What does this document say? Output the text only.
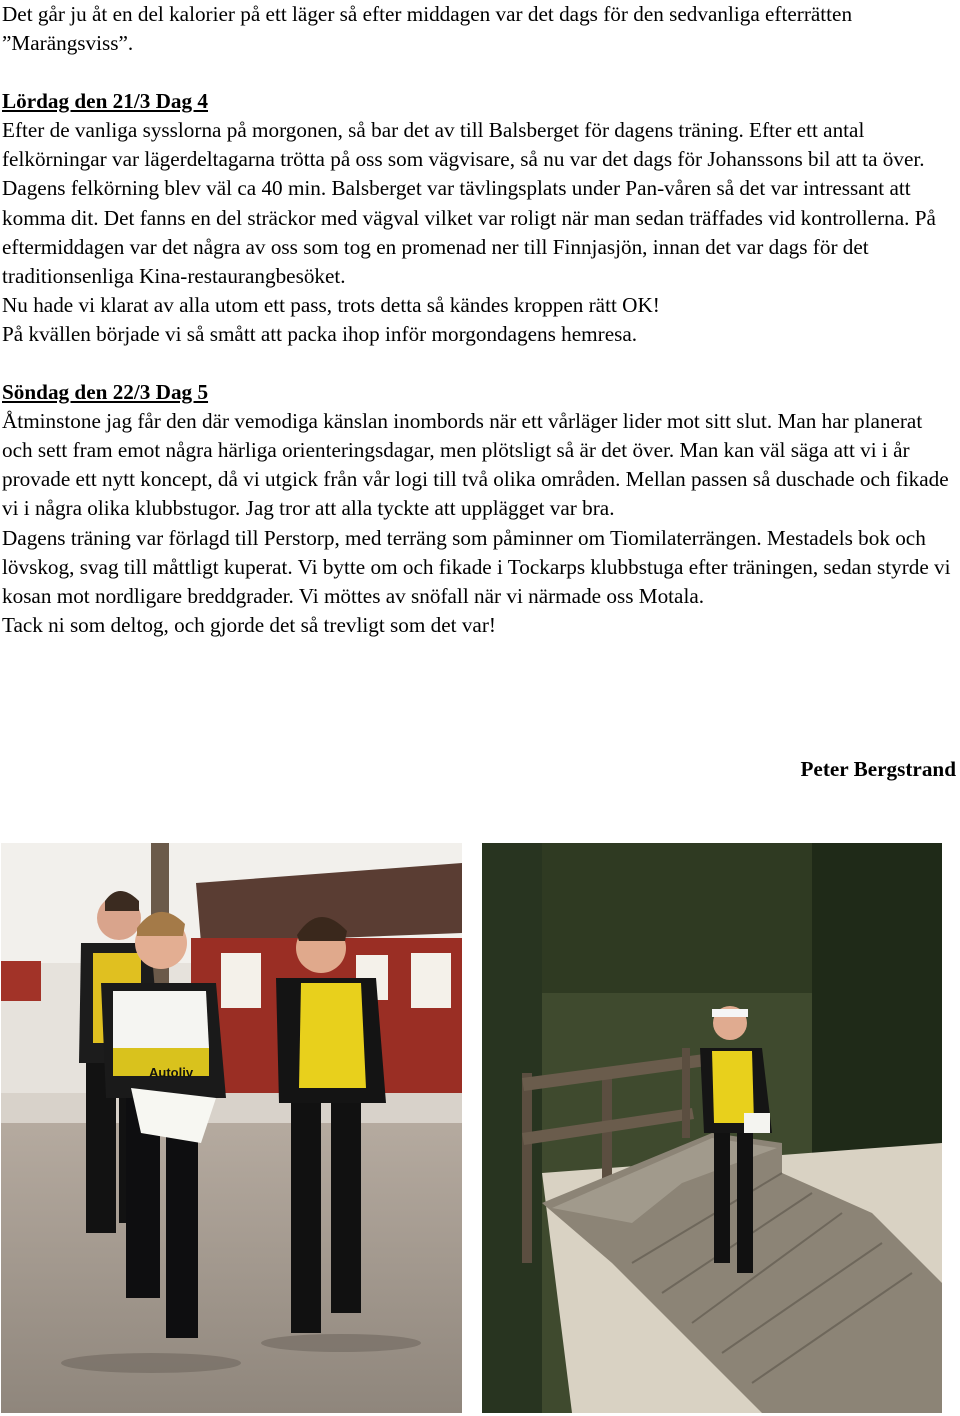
Det går ju åt en del kalorier på ett läger så efter middagen var det dags för den sedvanliga efterrätten ”Marängsviss”.

Lördag den 21/3 Dag 4

Efter de vanliga sysslorna på morgonen, så bar det av till Balsberget för dagens träning. Efter ett antal felkörningar var lägerdeltagarna trötta på oss som vägvisare, så nu var det dags för Johanssons bil att ta över. Dagens felkörning blev väl ca 40 min. Balsberget var tävlingsplats under Pan-våren så det var intressant att komma dit. Det fanns en del sträckor med vägval vilket var roligt när man sedan träffades vid kontrollerna. På eftermiddagen var det några av oss som tog en promenad ner till Finnjasjön, innan det var dags för det traditionsenliga Kina-restaurangbesöket.

Nu hade vi klarat av alla utom ett pass, trots detta så kändes kroppen rätt OK!

På kvällen började vi så smått att packa ihop inför morgondagens hemresa.

Söndag den 22/3 Dag 5

Åtminstone jag får den där vemodiga känslan inombords när ett vårläger lider mot sitt slut. Man har planerat och sett fram emot några härliga orienteringsdagar, men plötsligt så är det över. Man kan väl säga att vi i år provade ett nytt koncept, då vi utgick från vår logi till två olika områden. Mellan passen så duschade och fikade vi i några olika klubbstugor. Jag tror att alla tyckte att upplägget var bra.

Dagens träning var förlagd till Perstorp, med terräng som påminner om Tiomilaterrängen. Mestadels bok och lövskog, svag till måttligt kuperat. Vi bytte om och fikade i Tockarps klubbstuga efter träningen, sedan styrde vi kosan mot nordligare breddgrader. Vi möttes av snöfall när vi närmade oss Motala.

Tack ni som deltog, och gjorde det så trevligt som det var!

Peter Bergstrand
Autoliv
